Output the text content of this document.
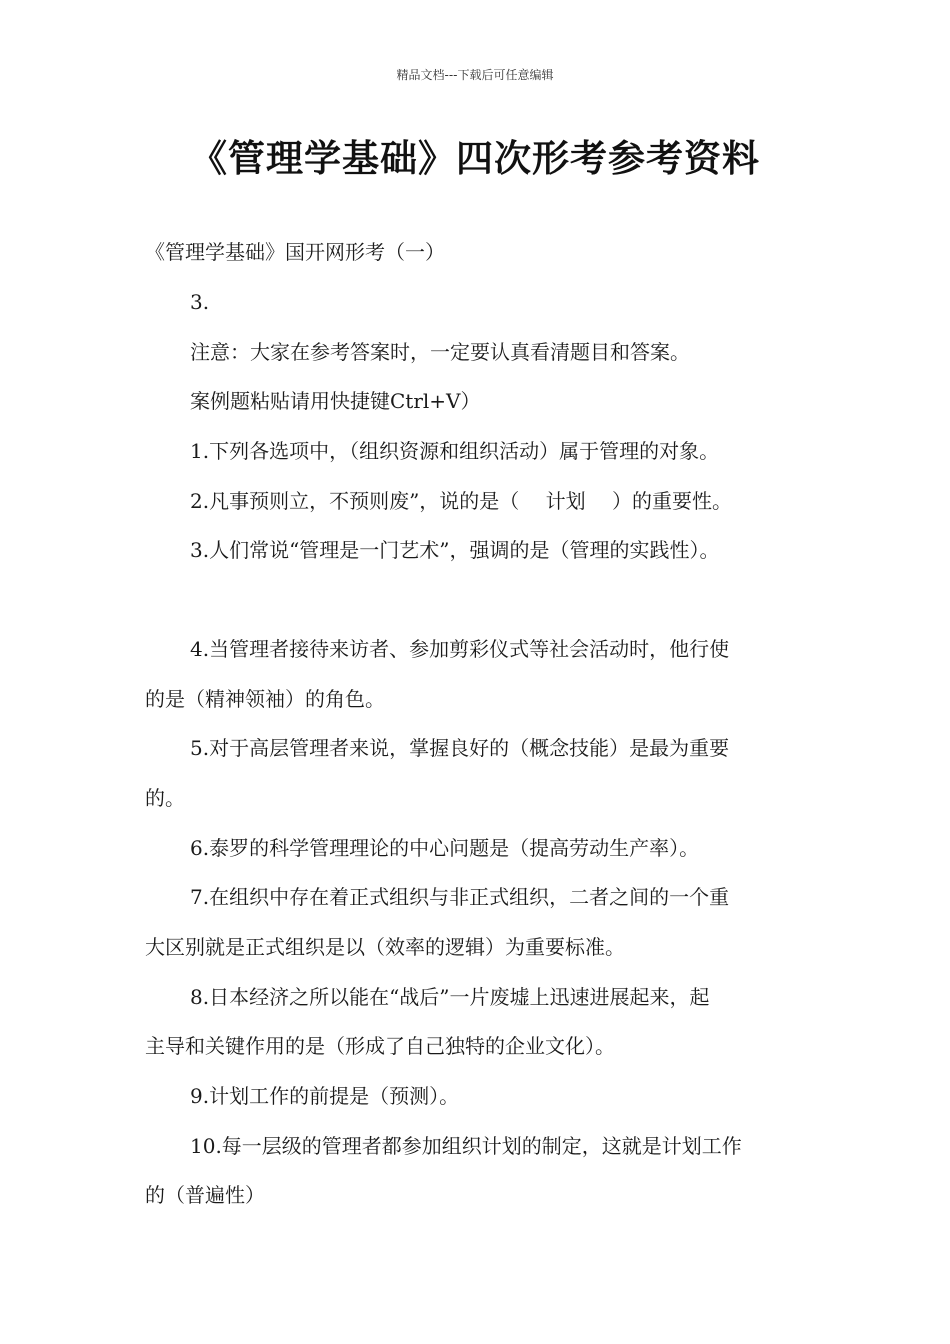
精品文档---下载后可任意编辑
《管理学基础》四次形考参考资料
《管理学基础》国开网形考（一）
3.
注意：大家在参考答案时，一定要认真看清题目和答案。
案例题粘贴请用快捷键Ctrl+V）
1.下列各选项中，（组织资源和组织活动）属于管理的对象。
2.凡事预则立，不预则废”，说的是（　 计划　 ）的重要性。
3.人们常说“管理是一门艺术”，强调的是（管理的实践性）。
4.当管理者接待来访者、参加剪彩仪式等社会活动时，他行使
的是（精神领袖）的角色。
5.对于高层管理者来说，掌握良好的（概念技能）是最为重要
的。
6.泰罗的科学管理理论的中心问题是（提高劳动生产率）。
7.在组织中存在着正式组织与非正式组织，二者之间的一个重
大区别就是正式组织是以（效率的逻辑）为重要标准。
8.日本经济之所以能在“战后”一片废墟上迅速进展起来，起
主导和关键作用的是（形成了自己独特的企业文化）。
9.计划工作的前提是（预测）。
10.每一层级的管理者都参加组织计划的制定，这就是计划工作
的（普遍性）
